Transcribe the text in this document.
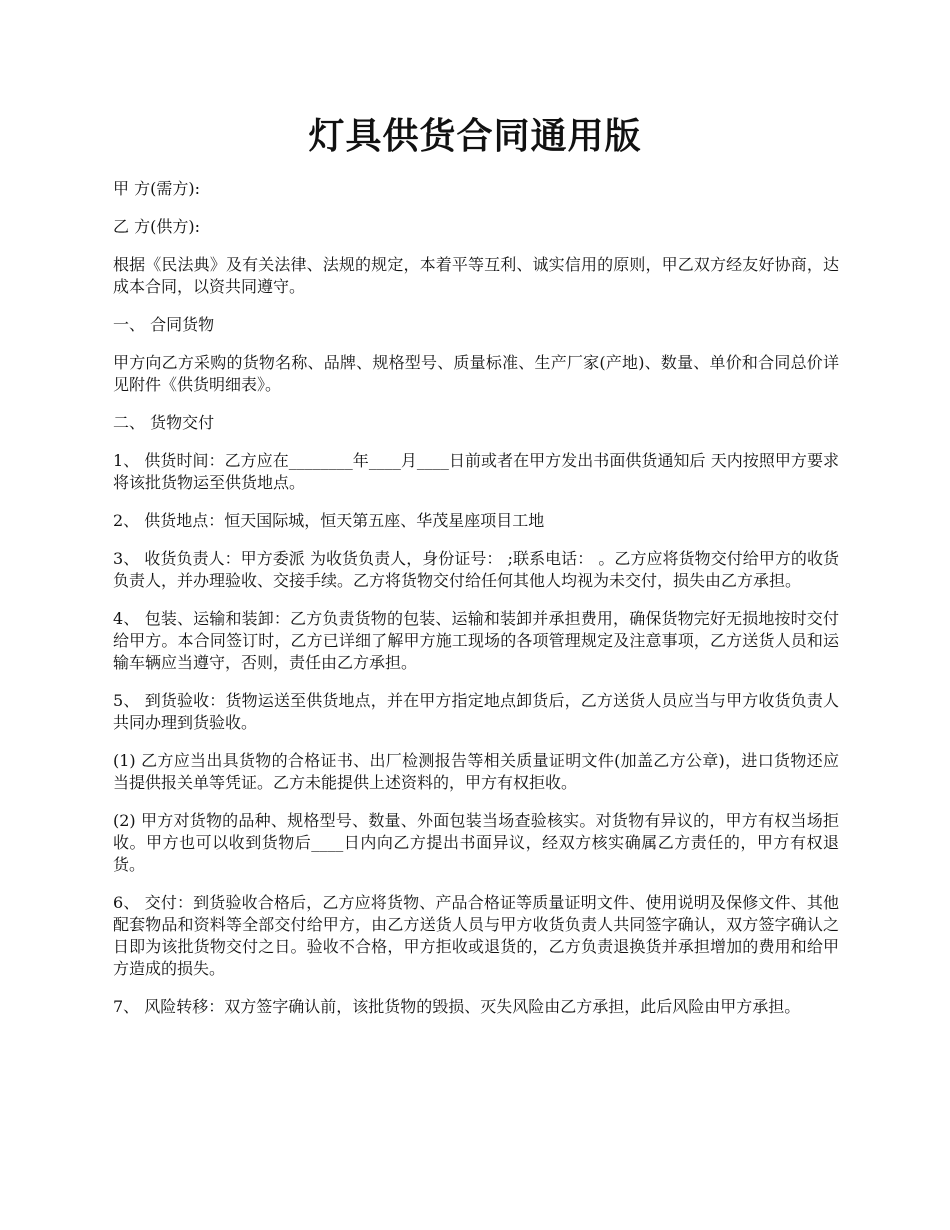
灯具供货合同通用版

甲 方(需方):

乙 方(供方):

根据《民法典》及有关法律、法规的规定，本着平等互利、诚实信用的原则，甲乙双方经友好协商，达成本合同，以资共同遵守。

一、 合同货物

甲方向乙方采购的货物名称、品牌、规格型号、质量标准、生产厂家(产地)、数量、单价和合同总价详见附件《供货明细表》。

二、 货物交付

1、 供货时间：乙方应在________年____月____日前或者在甲方发出书面供货通知后 天内按照甲方要求将该批货物运至供货地点。

2、 供货地点：恒天国际城，恒天第五座、华茂星座项目工地

3、 收货负责人：甲方委派 为收货负责人，身份证号： ;联系电话： 。乙方应将货物交付给甲方的收货负责人，并办理验收、交接手续。乙方将货物交付给任何其他人均视为未交付，损失由乙方承担。

4、 包装、运输和装卸：乙方负责货物的包装、运输和装卸并承担费用，确保货物完好无损地按时交付给甲方。本合同签订时，乙方已详细了解甲方施工现场的各项管理规定及注意事项，乙方送货人员和运输车辆应当遵守，否则，责任由乙方承担。

5、 到货验收：货物运送至供货地点，并在甲方指定地点卸货后，乙方送货人员应当与甲方收货负责人共同办理到货验收。

(1) 乙方应当出具货物的合格证书、出厂检测报告等相关质量证明文件(加盖乙方公章)，进口货物还应当提供报关单等凭证。乙方未能提供上述资料的，甲方有权拒收。

(2) 甲方对货物的品种、规格型号、数量、外面包装当场查验核实。对货物有异议的，甲方有权当场拒收。甲方也可以收到货物后____日内向乙方提出书面异议，经双方核实确属乙方责任的，甲方有权退货。

6、 交付：到货验收合格后，乙方应将货物、产品合格证等质量证明文件、使用说明及保修文件、其他配套物品和资料等全部交付给甲方，由乙方送货人员与甲方收货负责人共同签字确认，双方签字确认之日即为该批货物交付之日。验收不合格，甲方拒收或退货的，乙方负责退换货并承担增加的费用和给甲方造成的损失。

7、 风险转移：双方签字确认前，该批货物的毁损、灭失风险由乙方承担，此后风险由甲方承担。
